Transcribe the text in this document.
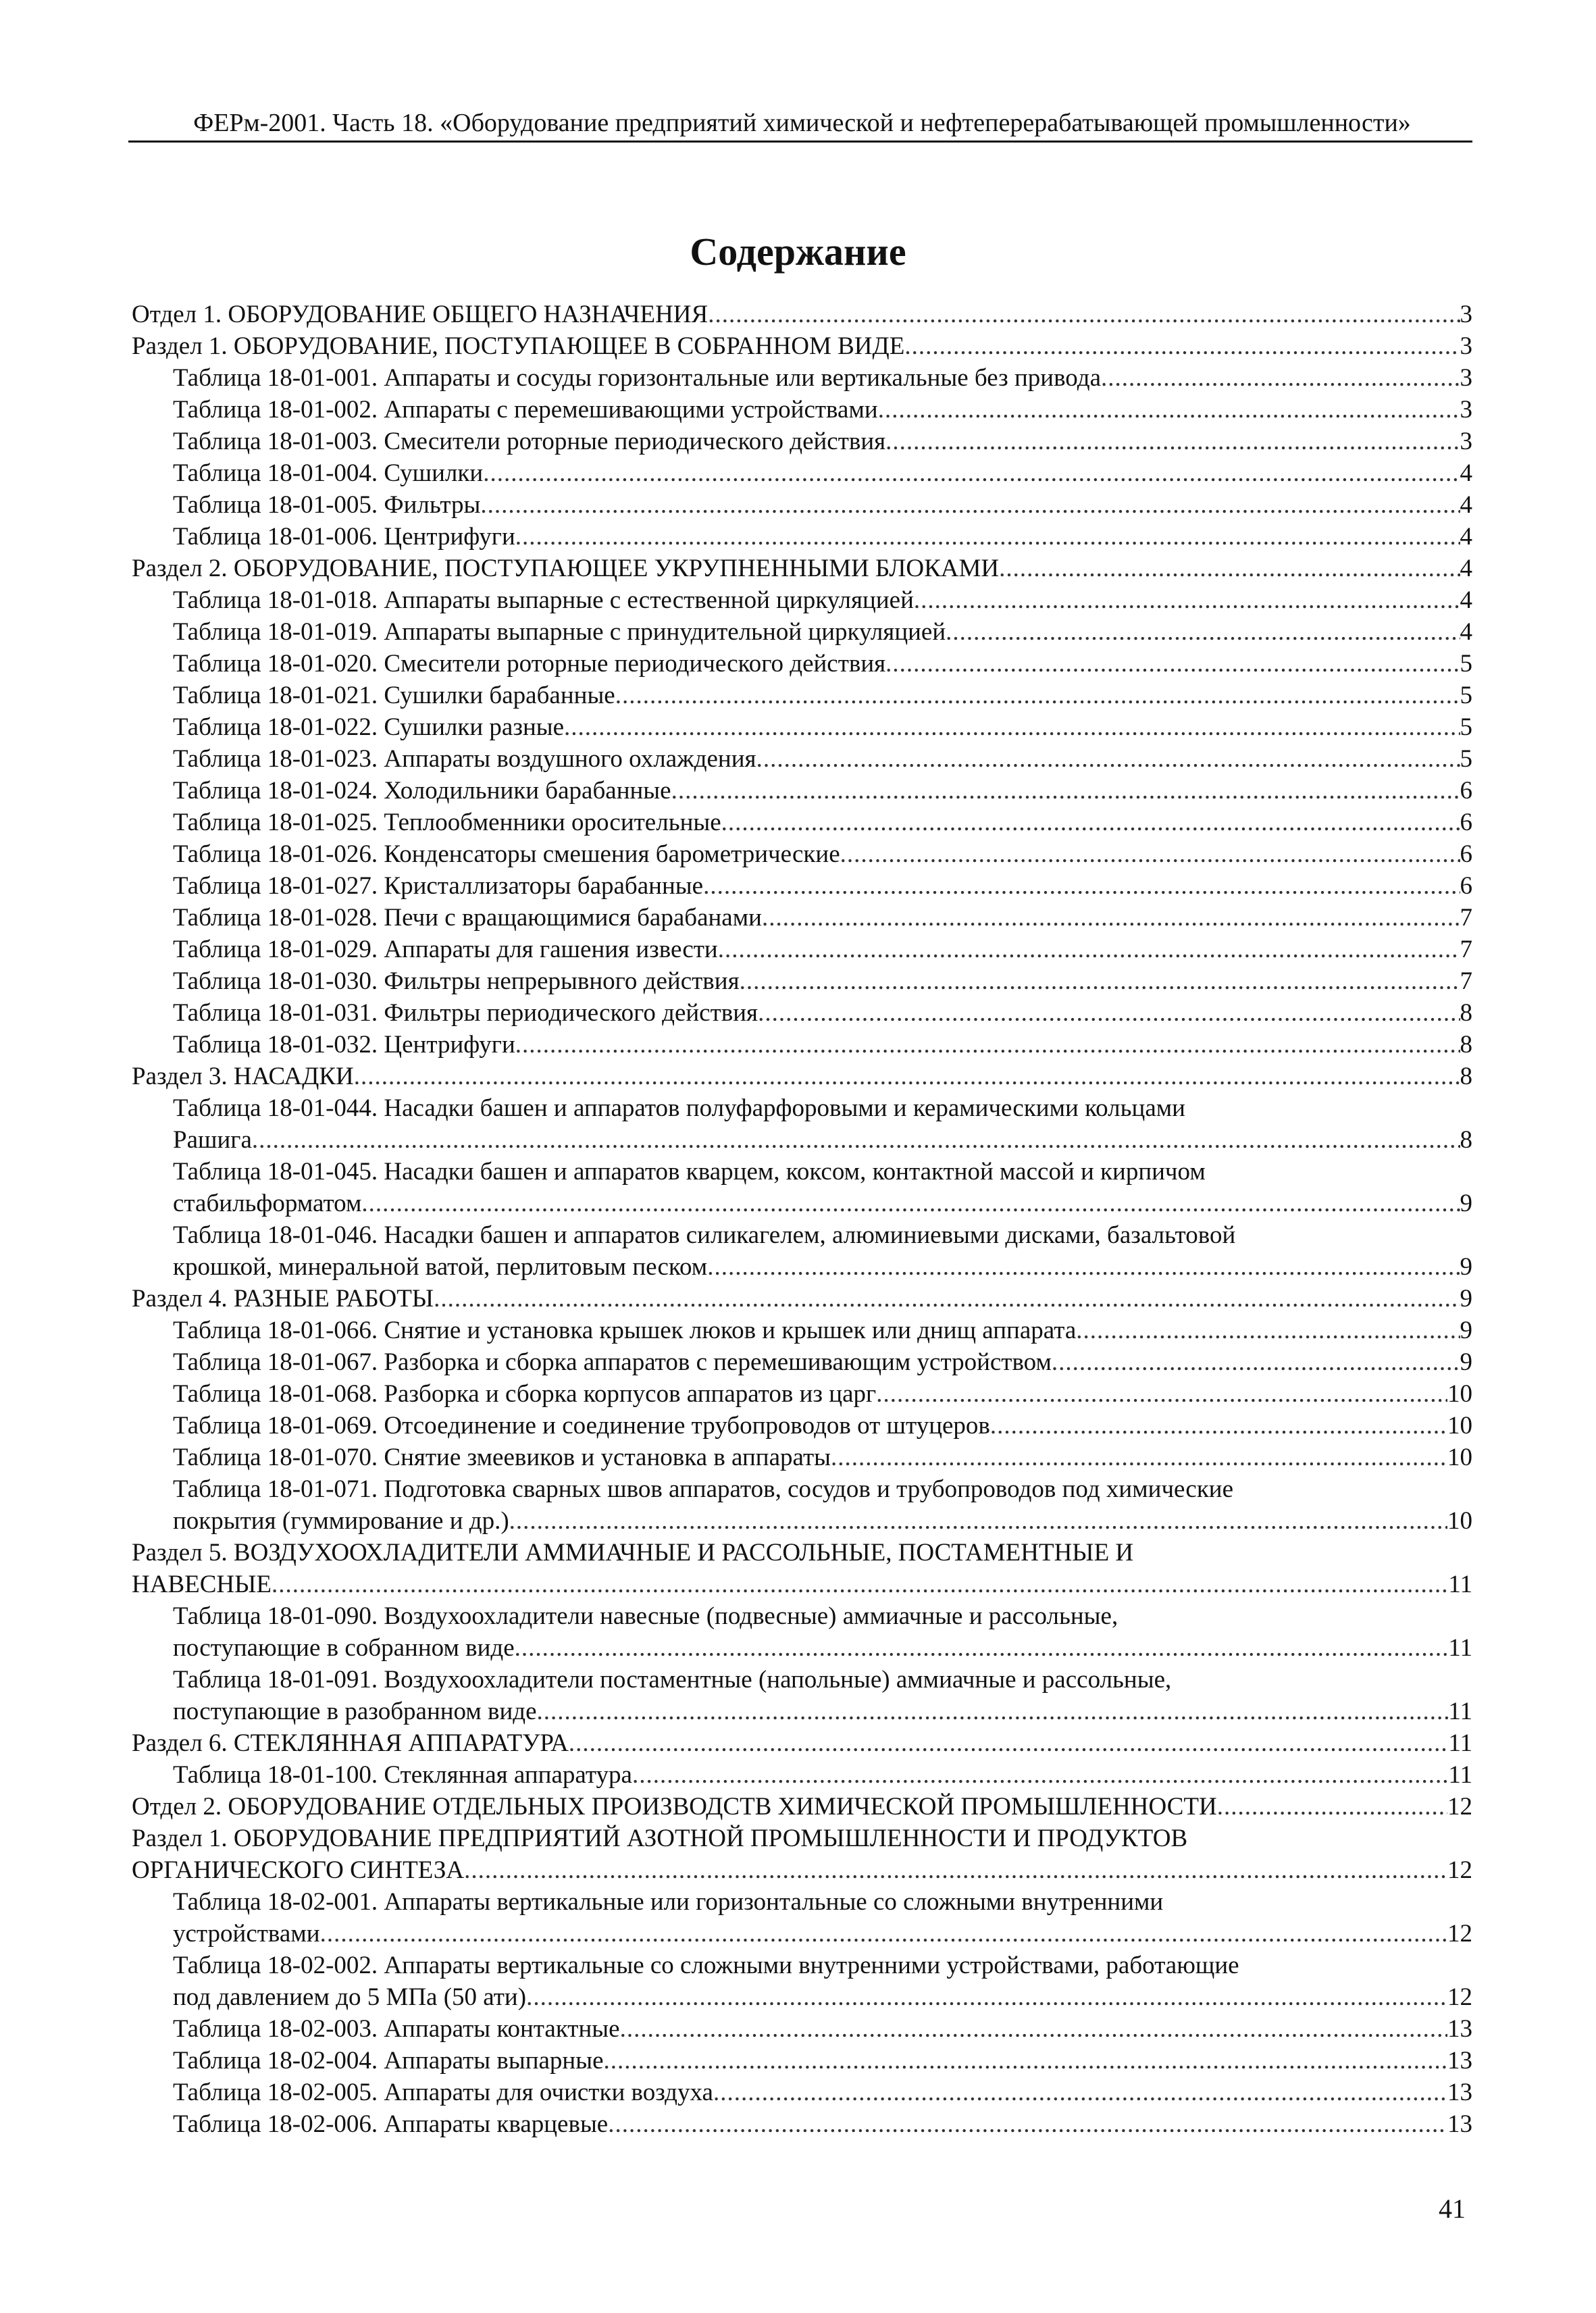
ФЕРм-2001. Часть 18. «Оборудование предприятий химической и нефтеперерабатывающей промышленности»
Содержание
Отдел 1. ОБОРУДОВАНИЕ ОБЩЕГО НАЗНАЧЕНИЯ .....	3
Раздел 1. ОБОРУДОВАНИЕ, ПОСТУПАЮЩЕЕ В СОБРАННОМ ВИДЕ .....	3
Таблица 18-01-001. Аппараты и сосуды горизонтальные или вертикальные без привода .....	3
Таблица 18-01-002. Аппараты с перемешивающими устройствами .....	3
Таблица 18-01-003. Смесители роторные периодического действия .....	3
Таблица 18-01-004. Сушилки .....	4
Таблица 18-01-005. Фильтры .....	4
Таблица 18-01-006. Центрифуги .....	4
Раздел 2. ОБОРУДОВАНИЕ, ПОСТУПАЮЩЕЕ УКРУПНЕННЫМИ БЛОКАМИ .....	4
Таблица 18-01-018. Аппараты выпарные с естественной циркуляцией .....	4
Таблица 18-01-019. Аппараты выпарные с принудительной циркуляцией .....	4
Таблица 18-01-020. Смесители роторные периодического действия .....	5
Таблица 18-01-021. Сушилки барабанные .....	5
Таблица 18-01-022. Сушилки разные .....	5
Таблица 18-01-023. Аппараты воздушного охлаждения .....	5
Таблица 18-01-024. Холодильники барабанные .....	6
Таблица 18-01-025. Теплообменники оросительные .....	6
Таблица 18-01-026. Конденсаторы смешения барометрические .....	6
Таблица 18-01-027. Кристаллизаторы барабанные .....	6
Таблица 18-01-028. Печи с вращающимися барабанами .....	7
Таблица 18-01-029. Аппараты для гашения извести .....	7
Таблица 18-01-030. Фильтры непрерывного действия .....	7
Таблица 18-01-031. Фильтры периодического действия .....	8
Таблица 18-01-032. Центрифуги .....	8
Раздел 3. НАСАДКИ .....	8
Таблица 18-01-044. Насадки башен и аппаратов полуфарфоровыми и керамическими кольцами
Рашига .....	8
Таблица 18-01-045. Насадки башен и аппаратов кварцем, коксом, контактной массой и кирпичом
стабильформатом .....	9
Таблица 18-01-046. Насадки башен и аппаратов силикагелем, алюминиевыми дисками, базальтовой
крошкой, минеральной ватой, перлитовым песком .....	9
Раздел 4. РАЗНЫЕ РАБОТЫ .....	9
Таблица 18-01-066. Снятие и установка крышек люков и крышек или днищ аппарата .....	9
Таблица 18-01-067. Разборка и сборка аппаратов с перемешивающим устройством .....	9
Таблица 18-01-068. Разборка и сборка корпусов аппаратов из царг .....	10
Таблица 18-01-069. Отсоединение и соединение трубопроводов от штуцеров .....	10
Таблица 18-01-070. Снятие змеевиков и установка в аппараты .....	10
Таблица 18-01-071. Подготовка сварных швов аппаратов, сосудов и трубопроводов под химические
покрытия (гуммирование и др.) .....	10
Раздел 5. ВОЗДУХООХЛАДИТЕЛИ АММИАЧНЫЕ И РАССОЛЬНЫЕ, ПОСТАМЕНТНЫЕ И
НАВЕСНЫЕ .....	11
Таблица 18-01-090. Воздухоохладители навесные (подвесные) аммиачные и рассольные,
поступающие в собранном виде .....	11
Таблица 18-01-091. Воздухоохладители постаментные (напольные) аммиачные и рассольные,
поступающие в разобранном виде .....	11
Раздел 6. СТЕКЛЯННАЯ АППАРАТУРА .....	11
Таблица 18-01-100. Стеклянная аппаратура .....	11
Отдел 2. ОБОРУДОВАНИЕ ОТДЕЛЬНЫХ ПРОИЗВОДСТВ ХИМИЧЕСКОЙ ПРОМЫШЛЕННОСТИ .....	12
Раздел 1. ОБОРУДОВАНИЕ ПРЕДПРИЯТИЙ АЗОТНОЙ ПРОМЫШЛЕННОСТИ И ПРОДУКТОВ
ОРГАНИЧЕСКОГО СИНТЕЗА .....	12
Таблица 18-02-001. Аппараты вертикальные или горизонтальные со сложными внутренними
устройствами .....	12
Таблица 18-02-002. Аппараты вертикальные со сложными внутренними устройствами, работающие
под давлением до 5 МПа (50 ати) .....	12
Таблица 18-02-003. Аппараты контактные .....	13
Таблица 18-02-004. Аппараты выпарные .....	13
Таблица 18-02-005. Аппараты для очистки воздуха .....	13
Таблица 18-02-006. Аппараты кварцевые .....	13
41
